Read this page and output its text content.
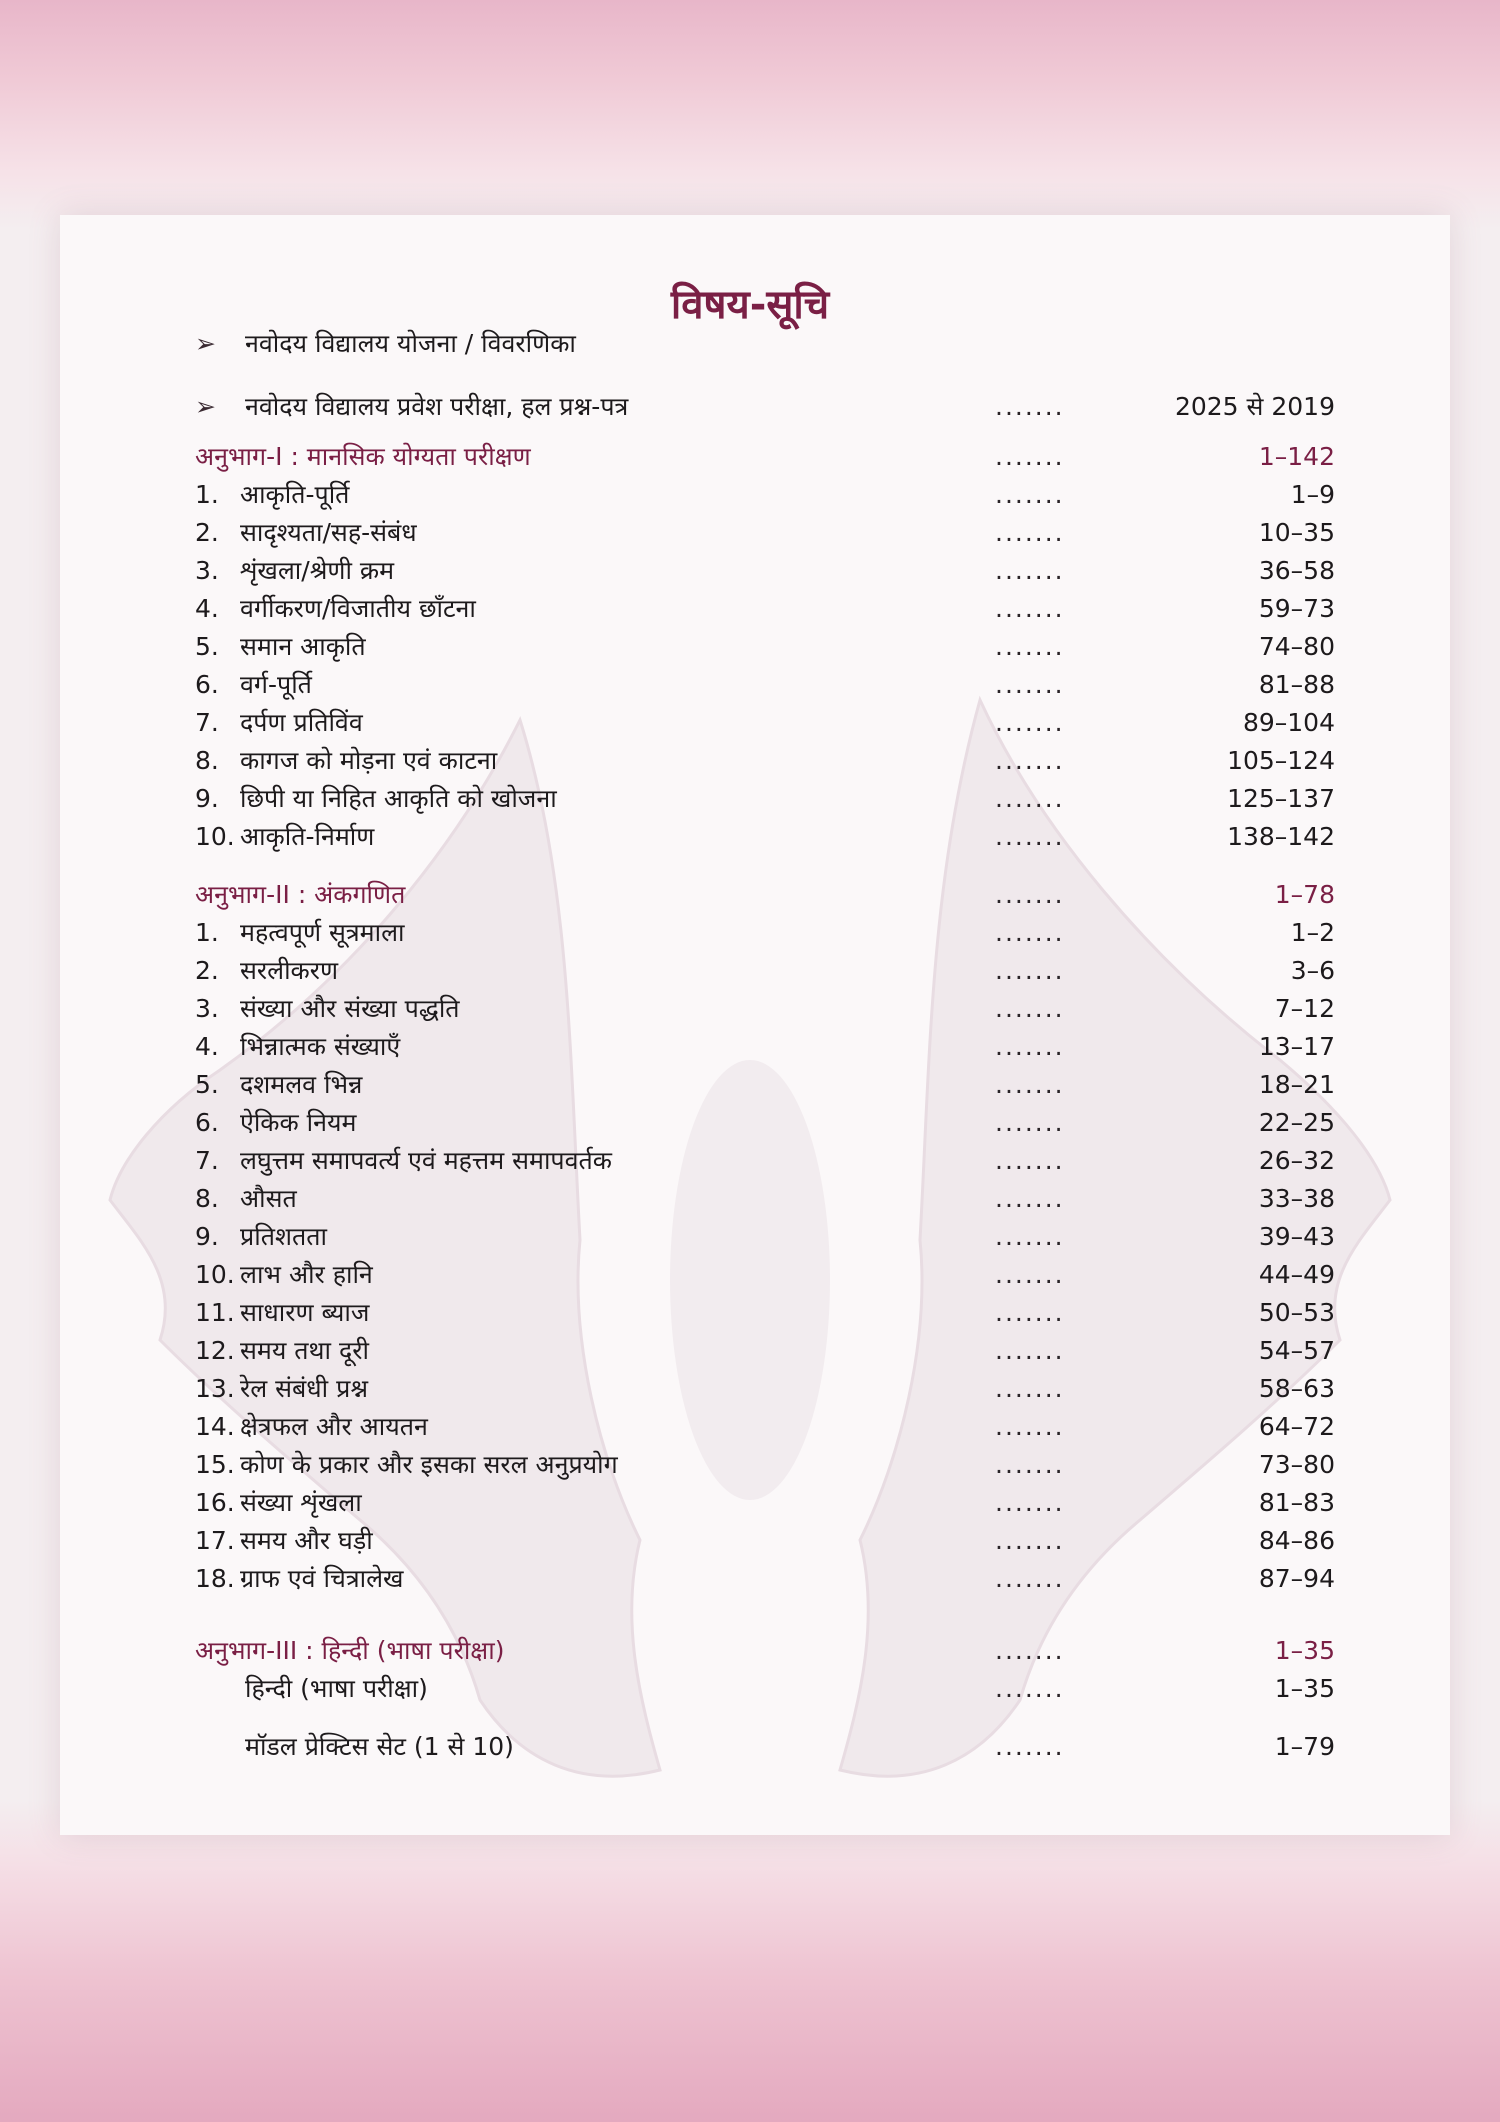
विषय-सूचि
➢ नवोदय विद्यालय योजना / विवरणिका
➢ नवोदय विद्यालय प्रवेश परीक्षा, हल प्रश्न-पत्र	.......	2025 से 2019
अनुभाग-I : मानसिक योग्यता परीक्षण	.......	1–142
1. आकृति-पूर्ति	.......	1–9
2. सादृश्यता/सह-संबंध	.......	10–35
3. शृंखला/श्रेणी क्रम	.......	36–58
4. वर्गीकरण/विजातीय छाँटना	.......	59–73
5. समान आकृति	.......	74–80
6. वर्ग-पूर्ति	.......	81–88
7. दर्पण प्रतिविंव	.......	89–104
8. कागज को मोड़ना एवं काटना	.......	105–124
9. छिपी या निहित आकृति को खोजना	.......	125–137
10. आकृति-निर्माण	.......	138–142
अनुभाग-II : अंकगणित	.......	1–78
1. महत्वपूर्ण सूत्रमाला	.......	1–2
2. सरलीकरण	.......	3–6
3. संख्या और संख्या पद्धति	.......	7–12
4. भिन्नात्मक संख्याएँ	.......	13–17
5. दशमलव भिन्न	.......	18–21
6. ऐकिक नियम	.......	22–25
7. लघुत्तम समापवर्त्य एवं महत्तम समापवर्तक	.......	26–32
8. औसत	.......	33–38
9. प्रतिशतता	.......	39–43
10. लाभ और हानि	.......	44–49
11. साधारण ब्याज	.......	50–53
12. समय तथा दूरी	.......	54–57
13. रेल संबंधी प्रश्न	.......	58–63
14. क्षेत्रफल और आयतन	.......	64–72
15. कोण के प्रकार और इसका सरल अनुप्रयोग	.......	73–80
16. संख्या शृंखला	.......	81–83
17. समय और घड़ी	.......	84–86
18. ग्राफ एवं चित्रालेख	.......	87–94
अनुभाग-III : हिन्दी (भाषा परीक्षा)	.......	1–35
हिन्दी (भाषा परीक्षा)	.......	1–35
मॉडल प्रेक्टिस सेट (1 से 10)	.......	1–79
